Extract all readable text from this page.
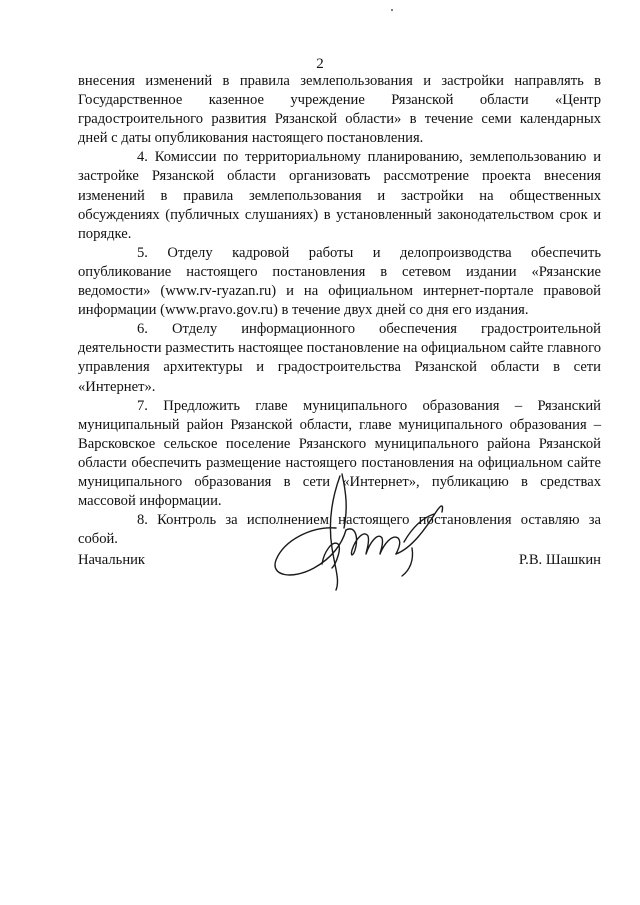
2

внесения изменений в правила землепользования и застройки направлять в Государственное казенное учреждение Рязанской области «Центр градостроительного развития Рязанской области» в течение семи календарных дней с даты опубликования настоящего постановления.

4. Комиссии по территориальному планированию, землепользованию и застройке Рязанской области организовать рассмотрение проекта внесения изменений в правила землепользования и застройки на общественных обсуждениях (публичных слушаниях) в установленный законодательством срок и порядке.

5. Отделу кадровой работы и делопроизводства обеспечить опубликование настоящего постановления в сетевом издании «Рязанские ведомости» (www.rv-ryazan.ru) и на официальном интернет-портале правовой информации (www.pravo.gov.ru) в течение двух дней со дня его издания.

6. Отделу информационного обеспечения градостроительной деятельности разместить настоящее постановление на официальном сайте главного управления архитектуры и градостроительства Рязанской области в сети «Интернет».

7. Предложить главе муниципального образования – Рязанский муниципальный район Рязанской области, главе муниципального образования – Варсковское сельское поселение Рязанского муниципального района Рязанской области обеспечить размещение настоящего постановления на официальном сайте муниципального образования в сети «Интернет», публикацию в средствах массовой информации.

8. Контроль за исполнением настоящего постановления оставляю за собой.

Начальник	Р.В. Шашкин
